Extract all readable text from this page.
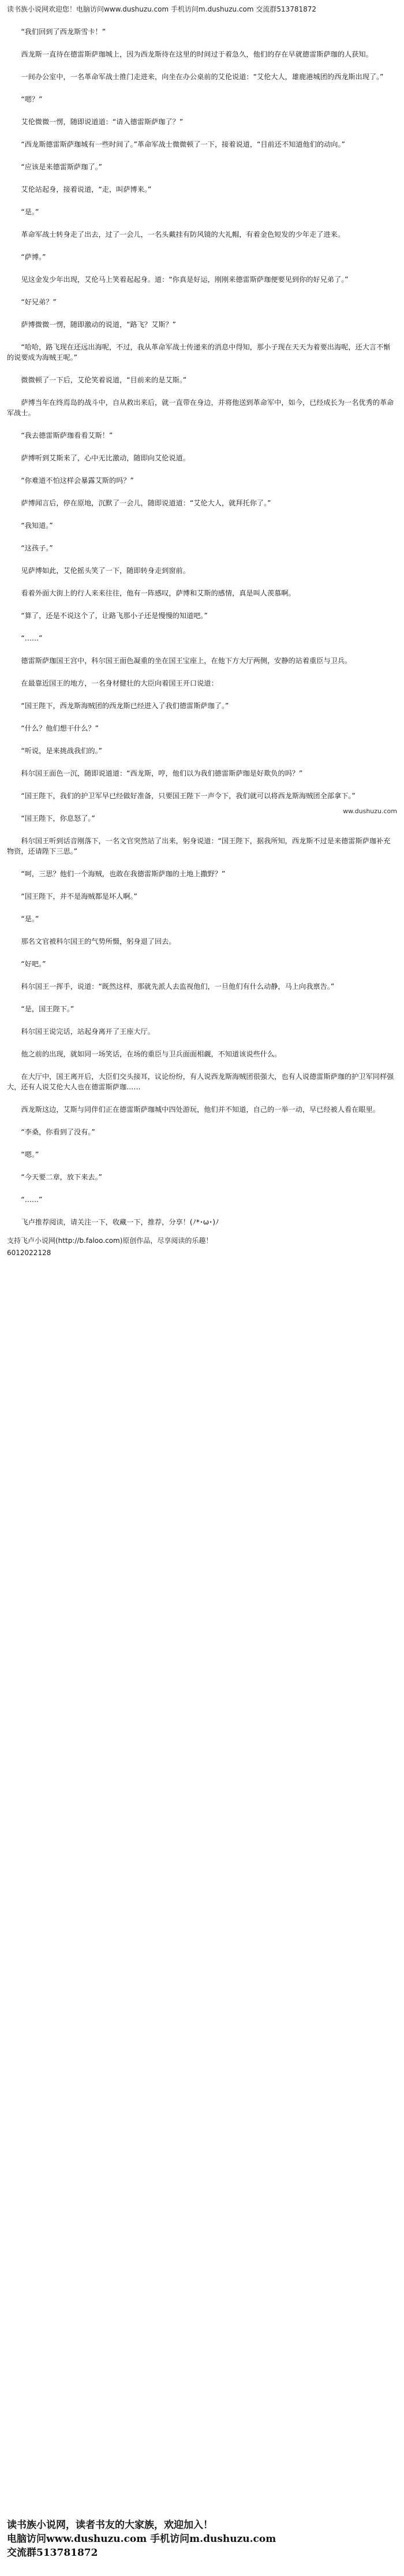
读书族小说网欢迎您！电脑访问www.dushuzu.com 手机访问m.dushuzu.com 交流群513781872

“我们回到了西龙斯雪卡！”

西龙斯一直待在德雷斯萨珈城上，因为西龙斯待在这里的时间过于着急久，他们的存在早就德雷斯萨珈的人获知。

一间办公室中，一名革命军战士推门走进来，向坐在办公桌前的艾伦说道：“艾伦大人，雄鹿港城团的西龙斯出现了。”

“嗯？”

艾伦微微一愣，随即说道道：“请入德雷斯萨珈了？”

“西龙斯德雷斯萨珈城有一些时间了。”革命军战士微微顿了一下，接着说道，“目前还不知道他们的动向。”

“应该是来德雷斯萨珈了。”

艾伦站起身，接着说道，“走，叫萨博来。”

“是。”

革命军战士转身走了出去，过了一会儿，一名头戴挂有防风镜的大礼帽，有着金色短发的少年走了进来。

“萨博。”

见这金发少年出现，艾伦马上笑着起起身。道：“你真是好运，刚刚来德雷斯萨珈便要见到你的好兄弟了。”

“好兄弟？”

萨博微微一愣，随即激动的说道，“路飞？艾斯？”

“哈哈，路飞现在还远出海呢，不过，我从革命军战士传递来的消息中得知，那小子现在天天为着要出海呢，还大言不惭的说要成为海贼王呢。”

微微顿了一下后，艾伦笑着说道，“目前来的是艾斯。”

萨博当年在终焉岛的战斗中，自从救出来后，就一直带在身边，并将他送到革命军中，如今，已经成长为一名优秀的革命军战士。

“我去德雷斯萨珈看看艾斯！”

萨博听到艾斯来了，心中无比激动，随即向艾伦说道。

“你难道不怕这样会暴露艾斯的吗？”

萨博闻言后，停在原地，沉默了一会儿，随即说道道：“艾伦大人，就拜托你了。”

“我知道。”

“这孩子。”

见萨博如此，艾伦摇头笑了一下，随即转身走到窗前。

看着外面大街上的行人来来往往，他有一阵感叹，萨博和艾斯的感情，真是叫人羡慕啊。

“算了，还是不说这个了，让路飞那小子还是慢慢的知道吧。”

“……”

德雷斯萨珈国王宫中，科尔国王面色凝重的坐在国王宝座上，在他下方大厅两侧，安静的站着重臣与卫兵。

在最靠近国王的地方，一名身材健壮的大臣向着国王开口说道：

“国王陛下，西龙斯海贼团的西龙斯已经进入了我们德雷斯萨珈了。”

“什么？他们想干什么？”

“听说，是来挑战我们的。”

科尔国王面色一沉，随即说道道：“西龙斯，哼，他们以为我们德雷斯萨珈是好欺负的吗？”

“国王陛下，我们的护卫军早已经做好准备，只要国王陛下一声令下，我们就可以将西龙斯海贼团全部拿下。”

“国王陛下，你息怒了。”

科尔国王听到话音刚落下，一名文官突然站了出来，躬身说道：“国王陛下，据我所知，西龙斯不过是来德雷斯萨珈补充物资，还请陛下三思。”

“呵，三思？他们一个海贼，也敢在我德雷斯萨珈的土地上撒野？”

“国王陛下，并不是海贼都是坏人啊。”

“是。”

那名文官被科尔国王的气势所慑，躬身退了回去。

“好吧。”

科尔国王一挥手，说道：“既然这样，那就先派人去监视他们，一旦他们有什么动静，马上向我禀告。”

“是，国王陛下。”

科尔国王说完话，站起身离开了王座大厅。

他之前的出现，就如同一场笑话，在场的重臣与卫兵面面相觑，不知道该说些什么。

在大厅中，国王离开后，大臣们交头接耳，议论纷纷，有人说西龙斯海贼团很强大，也有人说德雷斯萨珈的护卫军同样强大，还有人说艾伦大人也在德雷斯萨珈……

西龙斯这边，艾斯与同伴们正在德雷斯萨珈城中四处游玩，他们并不知道，自己的一举一动，早已经被人看在眼里。

“李桑，你看到了没有。”

“嗯。”

“今天要二章，放下来去。”

“……”

飞卢推荐阅读，请关注一下，收藏一下，推荐，分享！(ﾉ*･ω･)ﾉ

支持飞卢小说网(http://b.faloo.com)原创作品，尽享阅读的乐趣！
6012022128
ww.dushuzu.com
读书族小说网，读者书友的大家族，欢迎加入！
电脑访问www.dushuzu.com 手机访问m.dushuzu.com
交流群513781872
